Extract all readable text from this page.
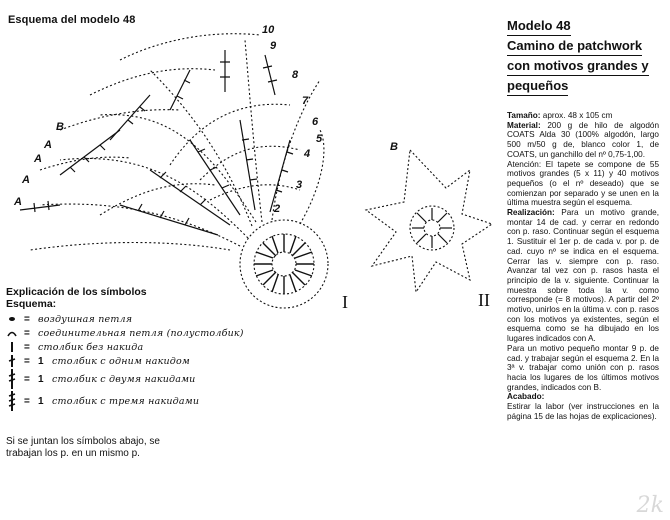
Esquema del modelo 48
10
9
8
7
6
5
4
3
2
A
A
A
A
B
B
I	II
Explicación de los símbolos
Esquema:
= воздушная петля
= соединительная петля (полустолбик)
= столбик без накида
= 1 столбик с одним накидом
= 1 столбик с двумя накидами
= 1 столбик с тремя накидами
Si se juntan los símbolos abajo, se trabajan los p. en un mismo p.
Modelo 48
Camino de patchwork
con motivos grandes y
pequeños

Tamaño: aprox. 48 x 105 cm

Material: 200 g de hilo de algodón COATS Alda 30 (100% algodón, largo 500 m/50 g de, blanco color 1, de COATS, un ganchillo del nº 0,75-1,00.

Atención: El tapete se compone de 55 motivos grandes (5 x 11) y 40 motivos pequeños (o el nº deseado) que se comienzan por separado y se unen en la última muestra según el esquema.

Realización: Para un motivo grande, montar 14 de cad. y cerrar en redondo con p. raso. Continuar según el esquema 1. Sustituir el 1er p. de cada v. por p. de cad. cuyo nº se indica en el esquema. Cerrar las v. siempre con p. raso. Avanzar tal vez con p. rasos hasta el principio de la v. siguiente. Continuar la muestra sobre toda la v. como corresponde (= 8 motivos). A partir del 2º motivo, unirlos en la última v. con p. rasos con los motivos ya existentes, según el esquema como se ha dibujado en los lugares indicados con A.

Para un motivo pequeño montar 9 p. de cad. y trabajar según el esquema 2. En la 3ª v. trabajar como unión con p. rasos hacia los lugares de los últimos motivos grandes, indicados con B.

Acabado:

Estirar la labor (ver instrucciones en la página 15 de las hojas de explicaciones).

2k
